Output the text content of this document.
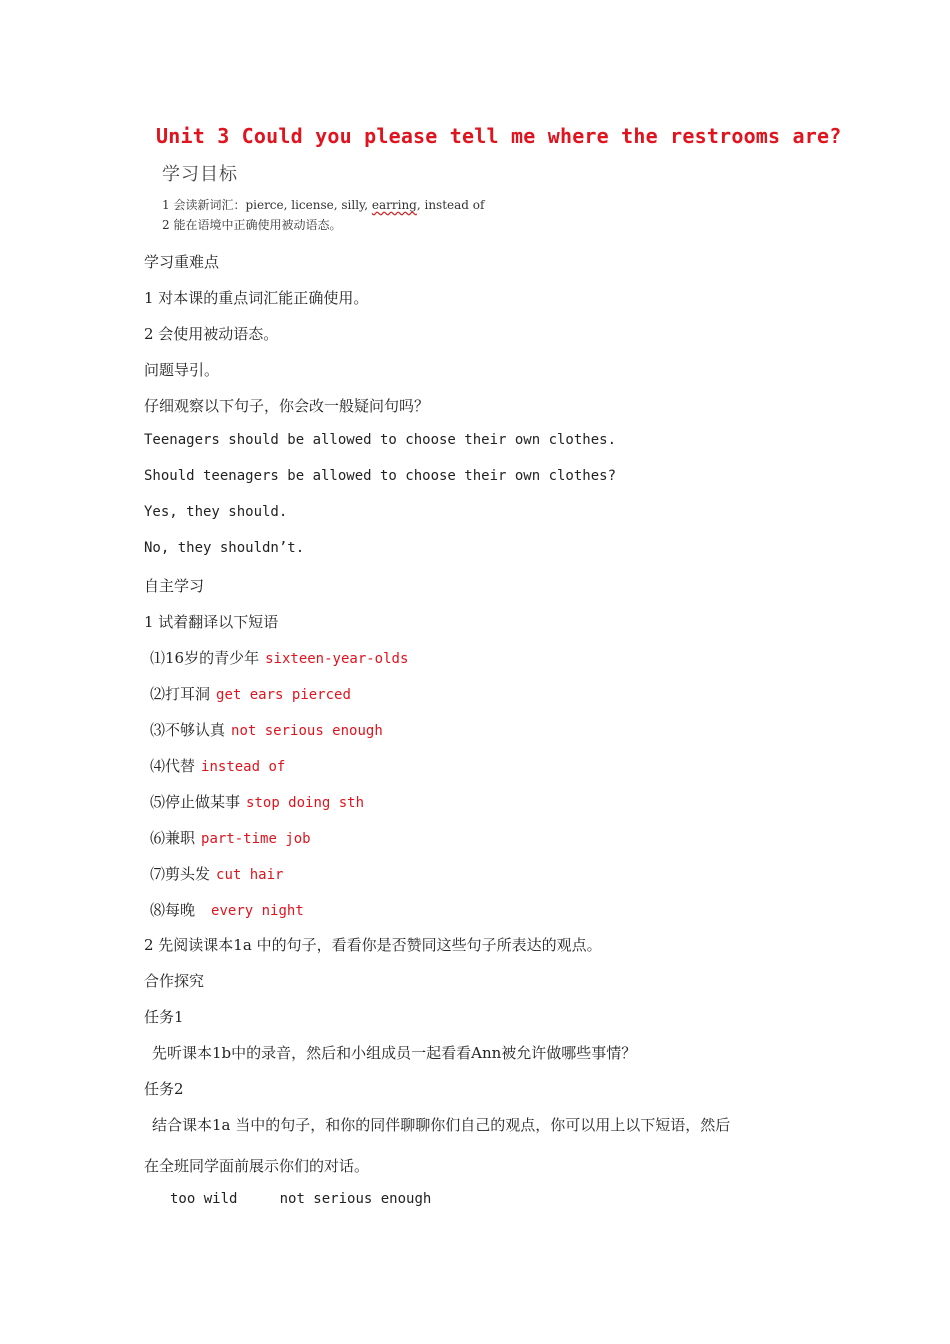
Unit 3 Could you please tell me where the restrooms are?
学习目标
1 会读新词汇：pierce, license, silly, earring, instead of
2 能在语境中正确使用被动语态。
学习重难点
1 对本课的重点词汇能正确使用。
2 会使用被动语态。
问题导引。
仔细观察以下句子，你会改一般疑问句吗？
Teenagers should be allowed to choose their own clothes.
Should teenagers be allowed to choose their own clothes?
Yes, they should.
No, they shouldn’t.
自主学习
1 试着翻译以下短语
⑴16岁的青少年 sixteen-year-olds
⑵打耳洞 get ears pierced
⑶不够认真 not serious enough
⑷代替 instead of
⑸停止做某事 stop doing sth
⑹兼职 part-time job
⑺剪头发 cut hair
⑻每晚 every night
2 先阅读课本1a 中的句子，看看你是否赞同这些句子所表达的观点。
合作探究
任务1
先听课本1b中的录音，然后和小组成员一起看看Ann被允许做哪些事情？
任务2
结合课本1a 当中的句子，和你的同伴聊聊你们自己的观点，你可以用上以下短语，然后
在全班同学面前展示你们的对话。
too wild	not serious enough
